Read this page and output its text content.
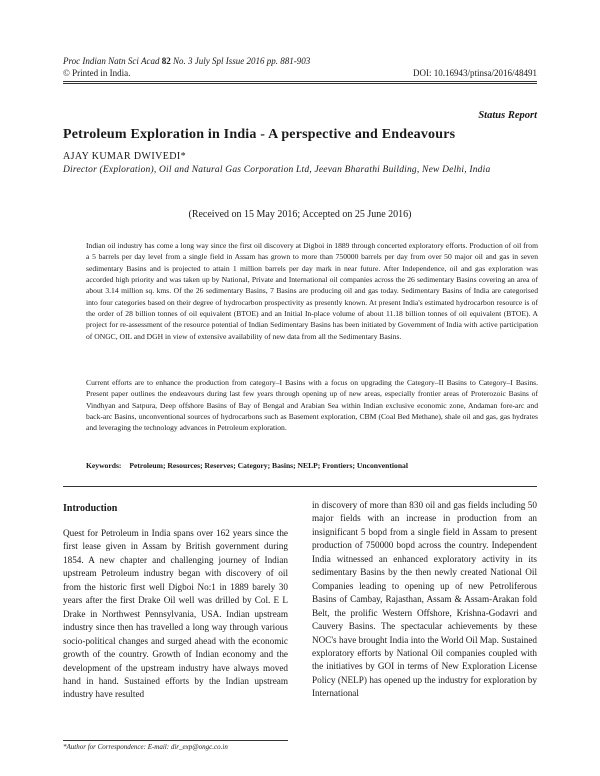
Proc Indian Natn Sci Acad 82 No. 3 July Spl Issue 2016 pp. 881-903
© Printed in India.	DOI: 10.16943/ptinsa/2016/48491
Status Report
Petroleum Exploration in India - A perspective and Endeavours
AJAY KUMAR DWIVEDI*
Director (Exploration), Oil and Natural Gas Corporation Ltd, Jeevan Bharathi Building, New Delhi, India
(Received on 15 May 2016; Accepted on 25 June 2016)
Indian oil industry has come a long way since the first oil discovery at Digboi in 1889 through concerted exploratory efforts. Production of oil from a 5 barrels per day level from a single field in Assam has grown to more than 750000 barrels per day from over 50 major oil and gas in seven sedimentary Basins and is projected to attain 1 million barrels per day mark in near future. After Independence, oil and gas exploration was accorded high priority and was taken up by National, Private and International oil companies across the 26 sedimentary Basins covering an area of about 3.14 million sq. kms. Of the 26 sedimentary Basins, 7 Basins are producing oil and gas today. Sedimentary Basins of India are categorised into four categories based on their degree of hydrocarbon prospectivity as presently known. At present India's estimated hydrocarbon resource is of the order of 28 billion tonnes of oil equivalent (BTOE) and an Initial In-place volume of about 11.18 billion tonnes of oil equivalent (BTOE). A project for re-assessment of the resource potential of Indian Sedimentary Basins has been initiated by Government of India with active participation of ONGC, OIL and DGH in view of extensive availability of new data from all the Sedimentary Basins.
Current efforts are to enhance the production from category–I Basins with a focus on upgrading the Category–II Basins to Category–I Basins. Present paper outlines the endeavours during last few years through opening up of new areas, especially frontier areas of Proterozoic Basins of Vindhyan and Satpura, Deep offshore Basins of Bay of Bengal and Arabian Sea within Indian exclusive economic zone, Andaman fore-arc and back-arc Basins, unconventional sources of hydrocarbons such as Basement exploration, CBM (Coal Bed Methane), shale oil and gas, gas hydrates and leveraging the technology advances in Petroleum exploration.
Keywords: Petroleum; Resources; Reserves; Category; Basins; NELP; Frontiers; Unconventional
Introduction
Quest for Petroleum in India spans over 162 years since the first lease given in Assam by British government during 1854. A new chapter and challenging journey of Indian upstream Petroleum industry began with discovery of oil from the historic first well Digboi No:1 in 1889 barely 30 years after the first Drake Oil well was drilled by Col. E L Drake in Northwest Pennsylvania, USA. Indian upstream industry since then has travelled a long way through various socio-political changes and surged ahead with the economic growth of the country. Growth of Indian economy and the development of the upstream industry have always moved hand in hand. Sustained efforts by the Indian upstream industry have resulted
in discovery of more than 830 oil and gas fields including 50 major fields with an increase in production from an insignificant 5 bopd from a single field in Assam to present production of 750000 bopd across the country. Independent India witnessed an enhanced exploratory activity in its sedimentary Basins by the then newly created National Oil Companies leading to opening up of new Petroliferous Basins of Cambay, Rajasthan, Assam & Assam-Arakan fold Belt, the prolific Western Offshore, Krishna-Godavri and Cauvery Basins. The spectacular achievements by these NOC's have brought India into the World Oil Map. Sustained exploratory efforts by National Oil companies coupled with the initiatives by GOI in terms of New Exploration License Policy (NELP) has opened up the industry for exploration by International
*Author for Correspondence: E-mail: dir_exp@ongc.co.in
